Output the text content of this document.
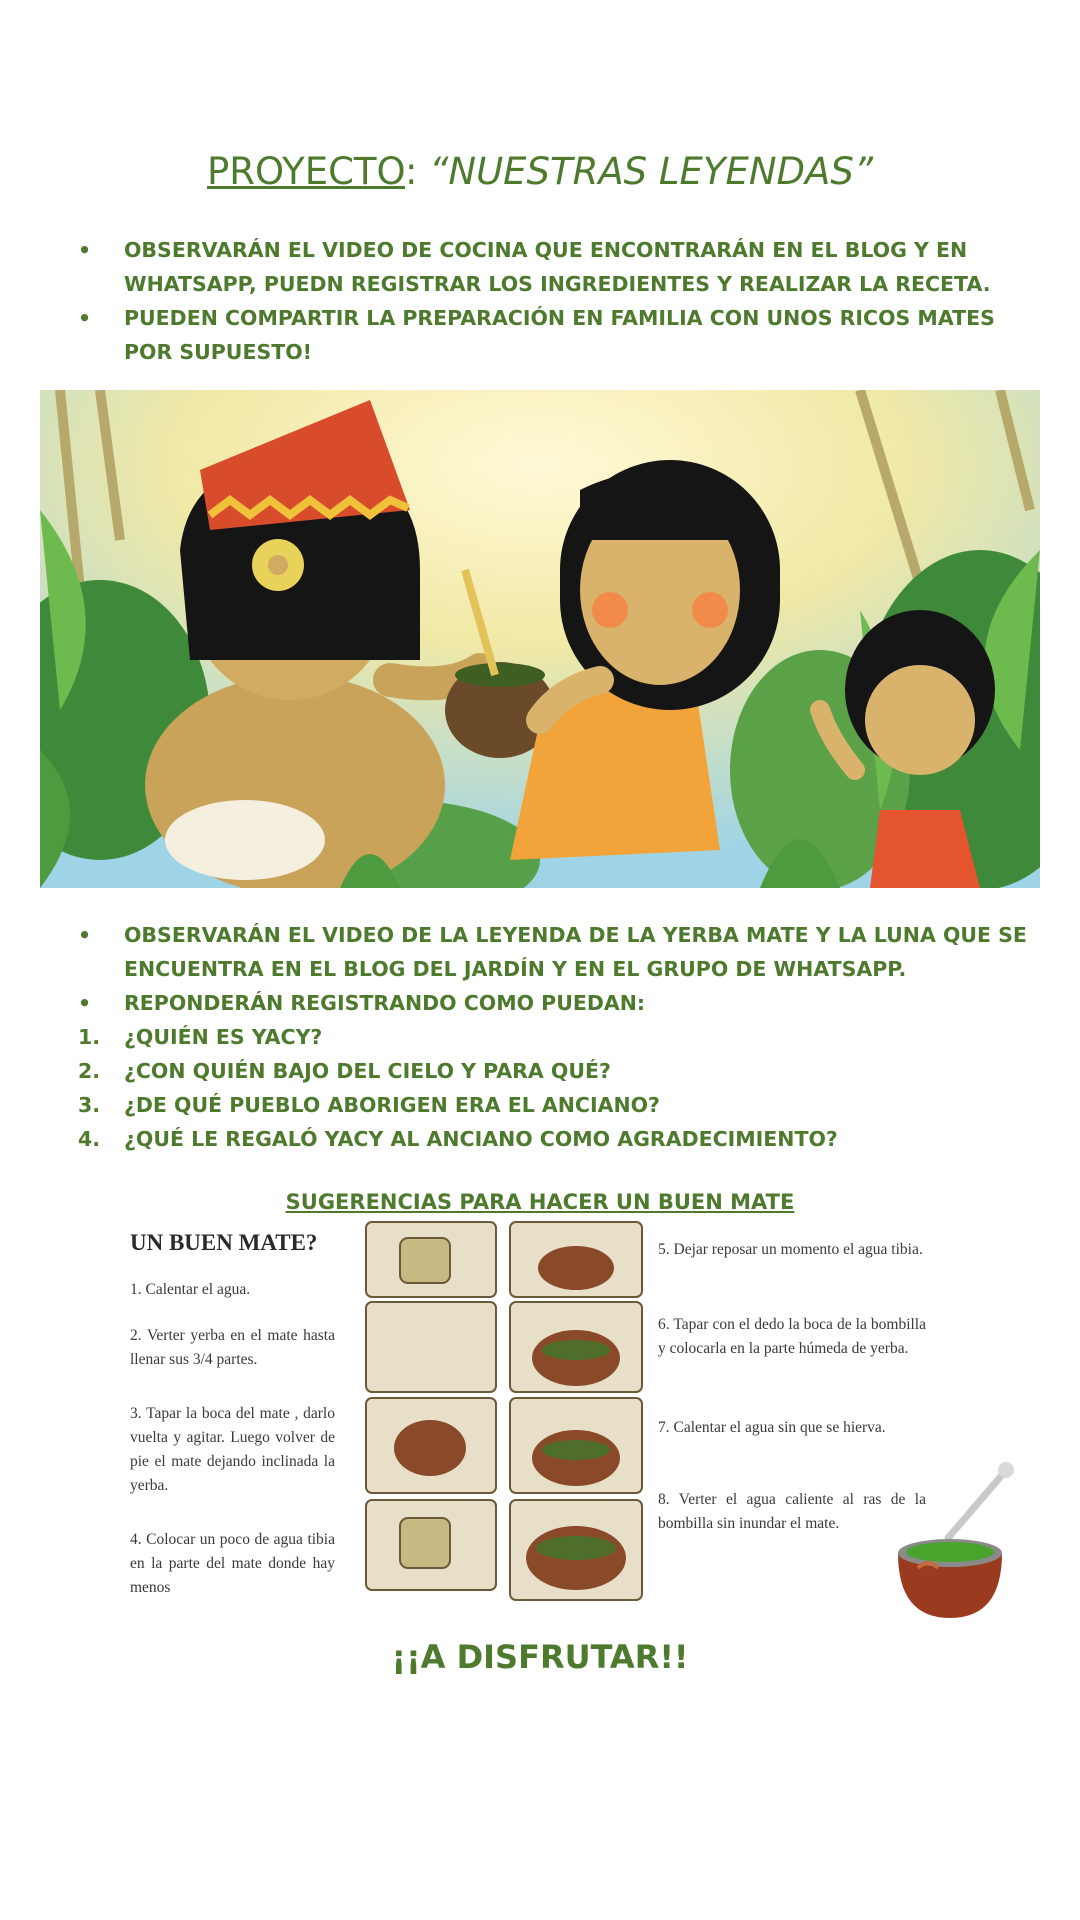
PROYECTO: “NUESTRAS LEYENDAS”
•	OBSERVARÁN EL VIDEO DE COCINA QUE ENCONTRARÁN EN EL BLOG Y EN WHATSAPP, PUEDN REGISTRAR LOS INGREDIENTES Y REALIZAR LA RECETA.
•	PUEDEN COMPARTIR LA PREPARACIÓN EN FAMILIA CON UNOS RICOS MATES POR SUPUESTO!
•	OBSERVARÁN EL VIDEO DE LA LEYENDA DE LA YERBA MATE Y LA LUNA QUE SE ENCUENTRA EN EL BLOG DEL JARDÍN Y EN EL GRUPO DE WHATSAPP.
•	REPONDERÁN REGISTRANDO COMO PUEDAN:
1.	¿QUIÉN ES YACY?
2.	¿CON QUIÉN BAJO DEL CIELO Y PARA QUÉ?
3.	¿DE QUÉ PUEBLO ABORIGEN ERA EL ANCIANO?
4.	¿QUÉ LE REGALÓ YACY AL ANCIANO COMO AGRADECIMIENTO?
SUGERENCIAS PARA HACER UN BUEN MATE
UN BUEN MATE?
1. Calentar el agua.
2. Verter yerba en el mate hasta llenar sus 3/4 partes.
3. Tapar la boca del mate , darlo vuelta y agitar. Luego volver de pie el mate dejando inclinada la yerba.
4. Colocar un poco de agua tibia en la parte del mate donde hay menos
5. Dejar reposar un momento el agua tibia.
6. Tapar con el dedo la boca de la bombilla y colocarla en la parte húmeda de yerba.
7. Calentar el agua sin que se hierva.
8. Verter el agua caliente al ras de la bombilla sin inundar el mate.
¡¡A DISFRUTAR!!
